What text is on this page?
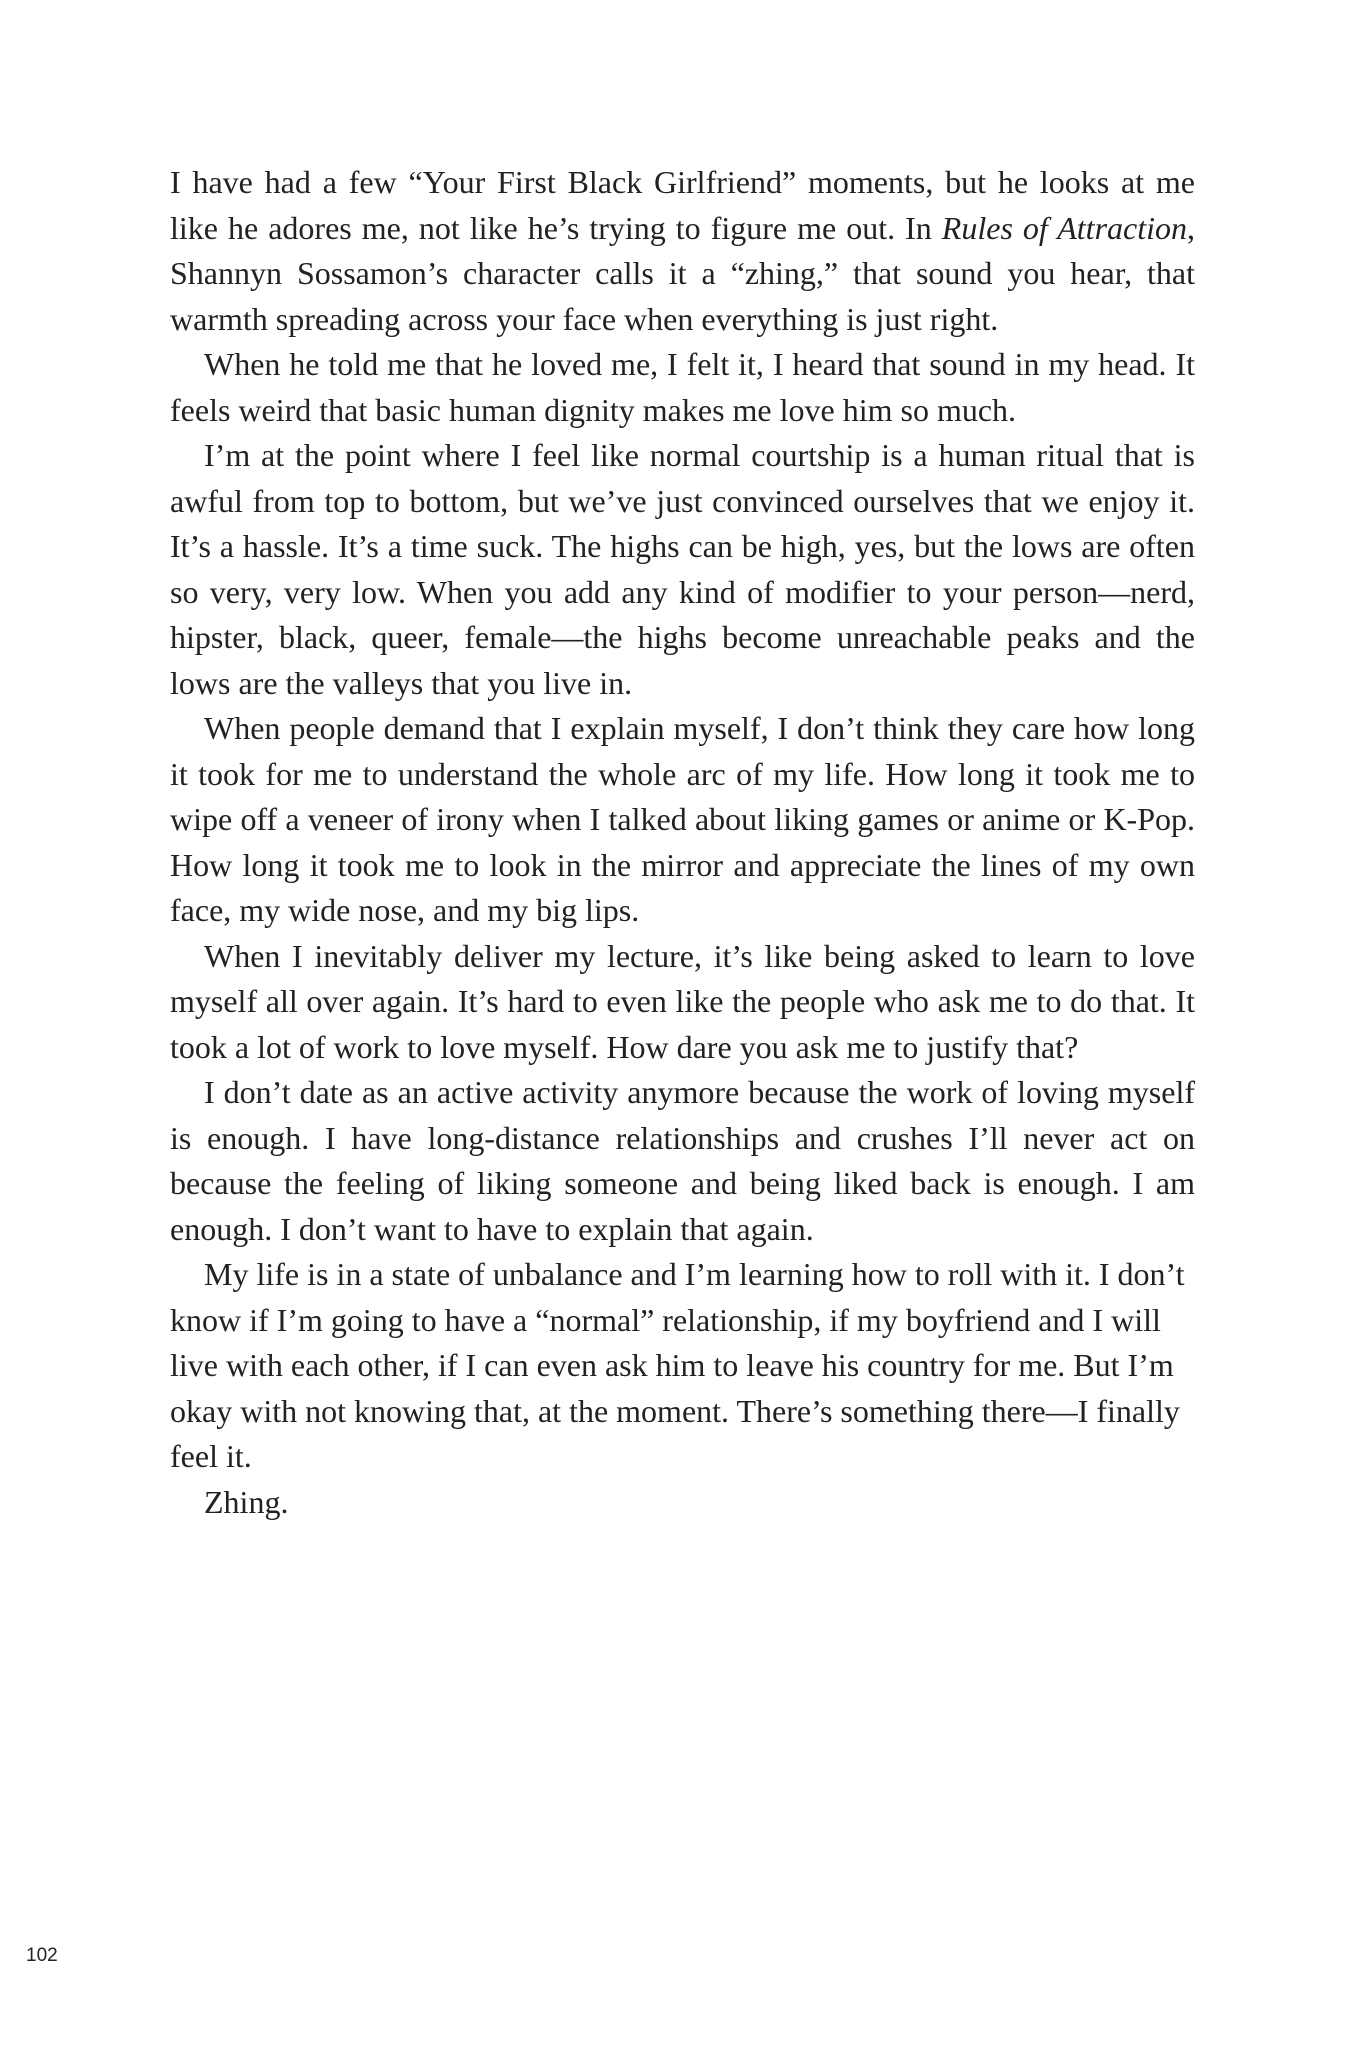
I have had a few “Your First Black Girlfriend” moments, but he looks at me like he adores me, not like he’s trying to figure me out. In Rules of Attraction, Shannyn Sossamon’s character calls it a “zhing,” that sound you hear, that warmth spreading across your face when everything is just right.

When he told me that he loved me, I felt it, I heard that sound in my head. It feels weird that basic human dignity makes me love him so much.

I’m at the point where I feel like normal courtship is a human ritual that is awful from top to bottom, but we’ve just convinced ourselves that we enjoy it. It’s a hassle. It’s a time suck. The highs can be high, yes, but the lows are often so very, very low. When you add any kind of modifier to your person—nerd, hipster, black, queer, female—the highs become unreachable peaks and the lows are the valleys that you live in.

When people demand that I explain myself, I don’t think they care how long it took for me to understand the whole arc of my life. How long it took me to wipe off a veneer of irony when I talked about liking games or anime or K-Pop. How long it took me to look in the mirror and appreciate the lines of my own face, my wide nose, and my big lips.

When I inevitably deliver my lecture, it’s like being asked to learn to love myself all over again. It’s hard to even like the people who ask me to do that. It took a lot of work to love myself. How dare you ask me to justify that?

I don’t date as an active activity anymore because the work of loving myself is enough. I have long-distance relationships and crushes I’ll never act on because the feeling of liking someone and being liked back is enough. I am enough. I don’t want to have to explain that again.

My life is in a state of unbalance and I’m learning how to roll with it. I don’t know if I’m going to have a “normal” relationship, if my boyfriend and I will live with each other, if I can even ask him to leave his country for me. But I’m okay with not knowing that, at the moment. There’s something there—I finally feel it.

Zhing.

102
